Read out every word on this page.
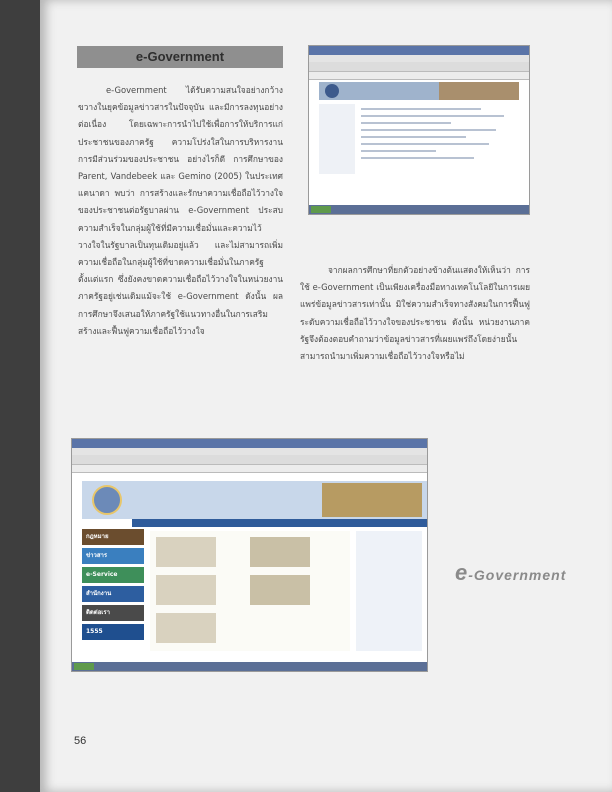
e-Government
e-Government ได้รับความสนใจอย่างกว้างขวางในยุคข้อมูลข่าวสารในปัจจุบัน และมีการลงทุนอย่างต่อเนื่อง โดยเฉพาะการนำไปใช้เพื่อการให้บริการแก่ประชาชนของภาครัฐ ความโปร่งใสในการบริหารงาน การมีส่วนร่วมของประชาชน อย่างไรก็ดี การศึกษาของ Parent, Vandebeek และ Gemino (2005) ในประเทศแคนาดา พบว่า การสร้างและรักษาความเชื่อถือไว้วางใจของประชาชนต่อรัฐบาลผ่าน e-Government ประสบความสำเร็จในกลุ่มผู้ใช้ที่มีความเชื่อมั่นและความไว้วางใจในรัฐบาลเป็นทุนเดิมอยู่แล้ว และไม่สามารถเพิ่มความเชื่อถือในกลุ่มผู้ใช้ที่ขาดความเชื่อมั่นในภาครัฐตั้งแต่แรก ซึ่งยังคงขาดความเชื่อถือไว้วางใจในหน่วยงานภาครัฐอยู่เช่นเดิมแม้จะใช้ e-Government ดังนั้น ผลการศึกษาจึงเสนอให้ภาครัฐใช้แนวทางอื่นในการเสริมสร้างและฟื้นฟูความเชื่อถือไว้วางใจ
จากผลการศึกษาที่ยกตัวอย่างข้างต้นแสดงให้เห็นว่า การใช้ e-Government เป็นเพียงเครื่องมือทางเทคโนโลยีในการเผยแพร่ข้อมูลข่าวสารเท่านั้น มิใช่ความสำเร็จทางสังคมในการฟื้นฟูระดับความเชื่อถือไว้วางใจของประชาชน ดังนั้น หน่วยงานภาครัฐจึงต้องตอบคำถามว่าข้อมูลข่าวสารที่เผยแพร่ถึงโดยง่ายนั้นสามารถนำมาเพิ่มความเชื่อถือไว้วางใจหรือไม่
กฎหมาย
ข่าวสาร
e-Service
สำนักงาน
ติดต่อเรา
1555
e-Government
56
